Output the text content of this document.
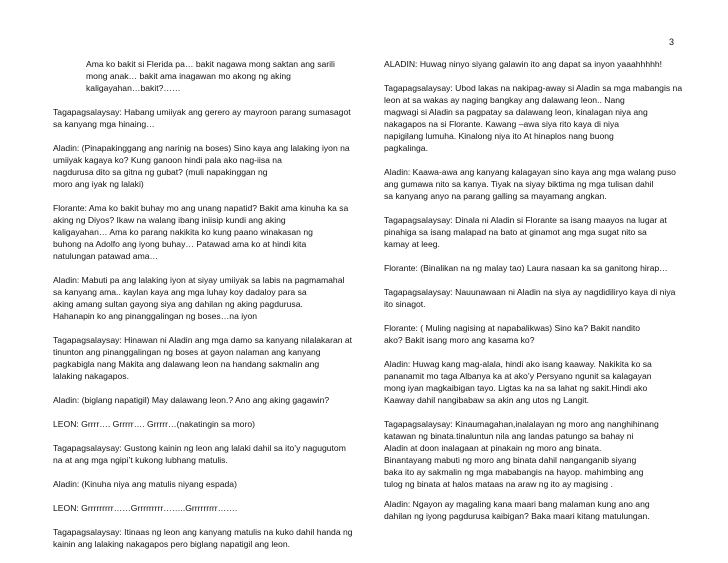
3
Ama ko bakit si Flerida pa… bakit nagawa mong saktan ang sarili
mong anak… bakit ama inagawan mo akong ng aking
kaligayahan…bakit?……
Tagapagsalaysay: Habang umiiyak ang gerero ay mayroon parang sumasagot
sa kanyang mga hinaing…
Aladin: (Pinapakinggang ang narinig na boses) Sino kaya ang lalaking iyon na
umiiyak kagaya ko? Kung ganoon hindi pala ako nag-iisa na
nagdurusa dito sa gitna ng gubat? (muli napakinggan ng
moro ang iyak ng lalaki)
Florante: Ama ko bakit buhay mo ang unang napatid? Bakit ama kinuha ka sa
aking ng Diyos? Ikaw na walang ibang iniisip kundi ang aking
kaligayahan… Ama ko parang nakikita ko kung paano winakasan ng
buhong na Adolfo ang iyong buhay… Patawad ama ko at hindi kita
natulungan patawad ama…
Aladin: Mabuti pa ang lalaking iyon at siyay umiiyak sa labis na pagmamahal
sa kanyang ama.. kaylan kaya ang mga luhay koy dadaloy para sa
aking amang sultan gayong siya ang dahilan ng aking pagdurusa.
Hahanapin ko ang pinanggalingan ng boses…na iyon
Tagapagsalaysay: Hinawan ni Aladin ang mga damo sa kanyang nilalakaran at
tinunton ang pinanggalingan ng boses at gayon nalaman ang kanyang
pagkabigla nang Makita ang dalawang leon na handang sakmalin ang
lalaking nakagapos.
Aladin: (biglang napatigil) May dalawang leon.? Ano ang aking gagawin?
LEON: Grrrr…. Grrrrr…. Grrrrr…(nakatingin sa moro)
Tagapagsalaysay: Gustong kainin ng leon ang lalaki dahil sa ito’y nagugutom
na at ang mga ngipi’t kukong lubhang matulis.
Aladin: (Kinuha niya ang matulis niyang espada)
LEON: Grrrrrrrrr……Grrrrrrrrr……..Grrrrrrrrr…….
Tagapagsalaysay: Itinaas ng leon ang kanyang matulis na kuko dahil handa ng
kainin ang lalaking nakagapos pero biglang napatigil ang leon.
ALADIN: Huwag ninyo siyang galawin ito ang dapat sa inyon yaaahhhhh!
Tagapagsalaysay: Ubod lakas na nakipag-away si Aladin sa mga mabangis na
leon at sa wakas ay naging bangkay ang dalawang leon.. Nang
magwagi si Aladin sa pagpatay sa dalawang leon, kinalagan niya ang
nakagapos na si Florante. Kawang –awa siya rito kaya di niya
napigilang lumuha. Kinalong niya ito At hinaplos nang buong
pagkalinga.
Aladin: Kaawa-awa ang kanyang kalagayan sino kaya ang mga walang puso
ang gumawa nito sa kanya. Tiyak na siyay biktima ng mga tulisan dahil
sa kanyang anyo na parang galling sa mayamang angkan.
Tagapagsalaysay: Dinala ni Aladin si Florante sa isang maayos na lugar at
pinahiga sa isang malapad na bato at ginamot ang mga sugat nito sa
kamay at leeg.
Florante: (Binalikan na ng malay tao) Laura nasaan ka sa ganitong hirap…
Tagapagsalaysay: Nauunawaan ni Aladin na siya ay nagdidiliryo kaya di niya
ito sinagot.
Florante: ( Muling nagising at napabalikwas) Sino ka? Bakit nandito
ako? Bakit isang moro ang kasama ko?
Aladin: Huwag kang mag-alala, hindi ako isang kaaway. Nakikita ko sa
pananamit mo taga Albanya ka at ako’y Persyano ngunit sa kalagayan
mong iyan magkaibigan tayo. Ligtas ka na sa lahat ng sakit.Hindi ako
Kaaway dahil nangibabaw sa akin ang utos ng Langit.
Tagapagsalaysay: Kinaumagahan,inalalayan ng moro ang nanghihinang
katawan ng binata.tinaluntun nila ang landas patungo sa bahay ni
Aladin at doon inalagaan at pinakain ng moro ang binata.
Binantayang mabuti ng moro ang binata dahil nanganganib siyang
baka ito ay sakmalin ng mga mababangis na hayop. mahimbing ang
tulog ng binata at halos mataas na araw ng ito ay magising .
Aladin: Ngayon ay magaling kana maari bang malaman kung ano ang
dahilan ng iyong pagdurusa kaibigan? Baka maari kitang matulungan.
